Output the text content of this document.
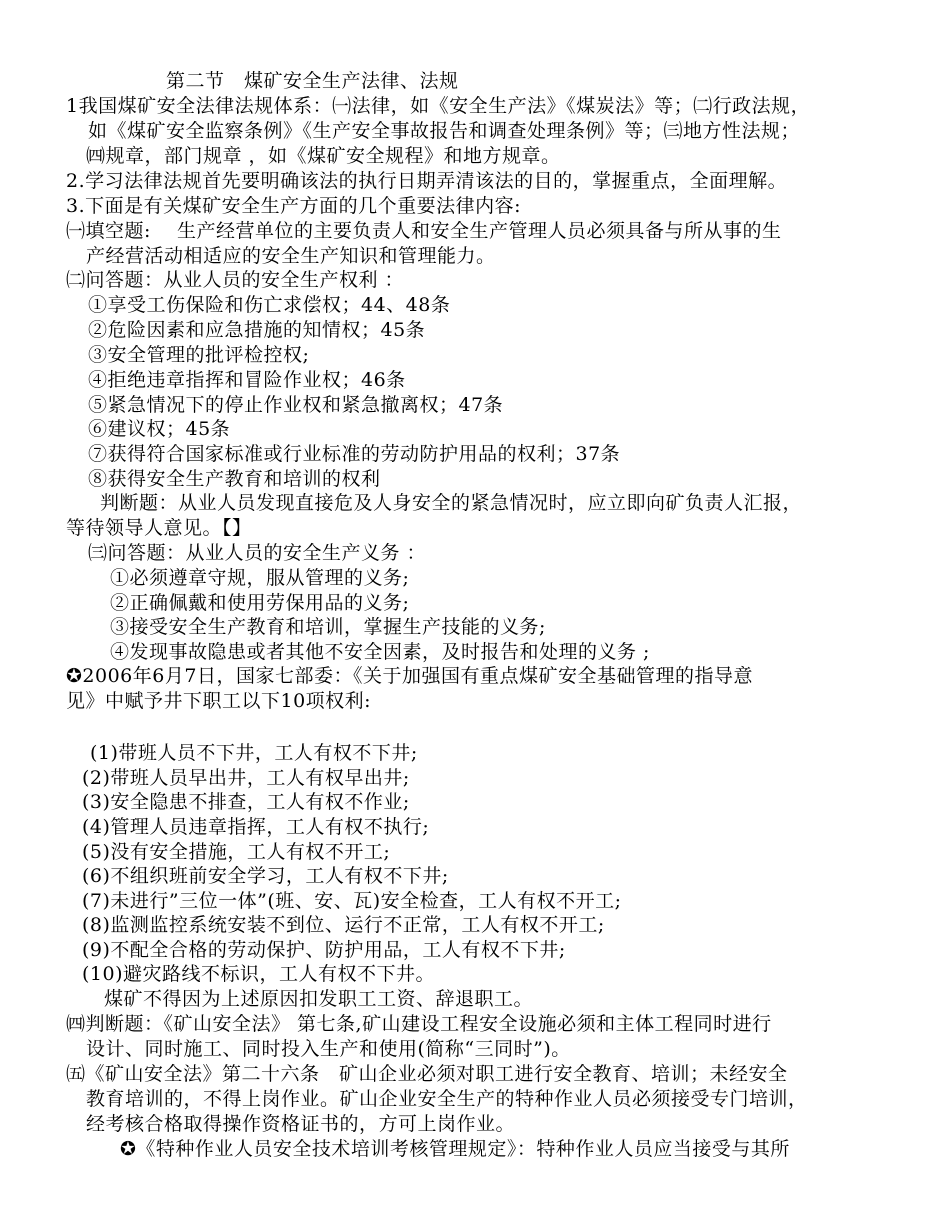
第二节　煤矿安全生产法律、法规
1我国煤矿安全法律法规体系：㈠法律，如《安全生产法》《煤炭法》等；㈡行政法规，
如《煤矿安全监察条例》《生产安全事故报告和调查处理条例》等；㈢地方性法规；
㈣规章，部门规章 ，如《煤矿安全规程》和地方规章。
2.学习法律法规首先要明确该法的执行日期弄清该法的目的，掌握重点，全面理解。
3.下面是有关煤矿安全生产方面的几个重要法律内容:
㈠填空题:　 生产经营单位的主要负责人和安全生产管理人员必须具备与所从事的生
产经营活动相适应的安全生产知识和管理能力。
㈡问答题：从业人员的安全生产权利 ：
①享受工伤保险和伤亡求偿权；44、48条
②危险因素和应急措施的知情权；45条
③安全管理的批评检控权;
④拒绝违章指挥和冒险作业权；46条
⑤紧急情况下的停止作业权和紧急撤离权；47条
⑥建议权；45条
⑦获得符合国家标准或行业标准的劳动防护用品的权利；37条
⑧获得安全生产教育和培训的权利
判断题：从业人员发现直接危及人身安全的紧急情况时，应立即向矿负责人汇报，
等待领导人意见。【】
㈢问答题：从业人员的安全生产义务 ：
①必须遵章守规，服从管理的义务;
②正确佩戴和使用劳保用品的义务;
③接受安全生产教育和培训，掌握生产技能的义务;
④发现事故隐患或者其他不安全因素，及时报告和处理的义务 ;
✪2006年6月7日，国家七部委：《关于加强国有重点煤矿安全基础管理的指导意
见》中赋予井下职工以下10项权利:
(1)带班人员不下井，工人有权不下井;
(2)带班人员早出井，工人有权早出井;
(3)安全隐患不排查，工人有权不作业;
(4)管理人员违章指挥，工人有权不执行;
(5)没有安全措施，工人有权不开工;
(6)不组织班前安全学习，工人有权不下井;
(7)未进行”三位一体”(班、安、瓦)安全检查，工人有权不开工;
(8)监测监控系统安装不到位、运行不正常，工人有权不开工;
(9)不配全合格的劳动保护、防护用品，工人有权不下井;
(10)避灾路线不标识，工人有权不下井。
煤矿不得因为上述原因扣发职工工资、辞退职工。
㈣判断题：《矿山安全法》 第七条,矿山建设工程安全设施必须和主体工程同时进行
设计、同时施工、同时投入生产和使用(简称“三同时”)。
㈤《矿山安全法》第二十六条　矿山企业必须对职工进行安全教育、培训；未经安全
教育培训的，不得上岗作业。矿山企业安全生产的特种作业人员必须接受专门培训，
经考核合格取得操作资格证书的，方可上岗作业。
✪《特种作业人员安全技术培训考核管理规定》：特种作业人员应当接受与其所
